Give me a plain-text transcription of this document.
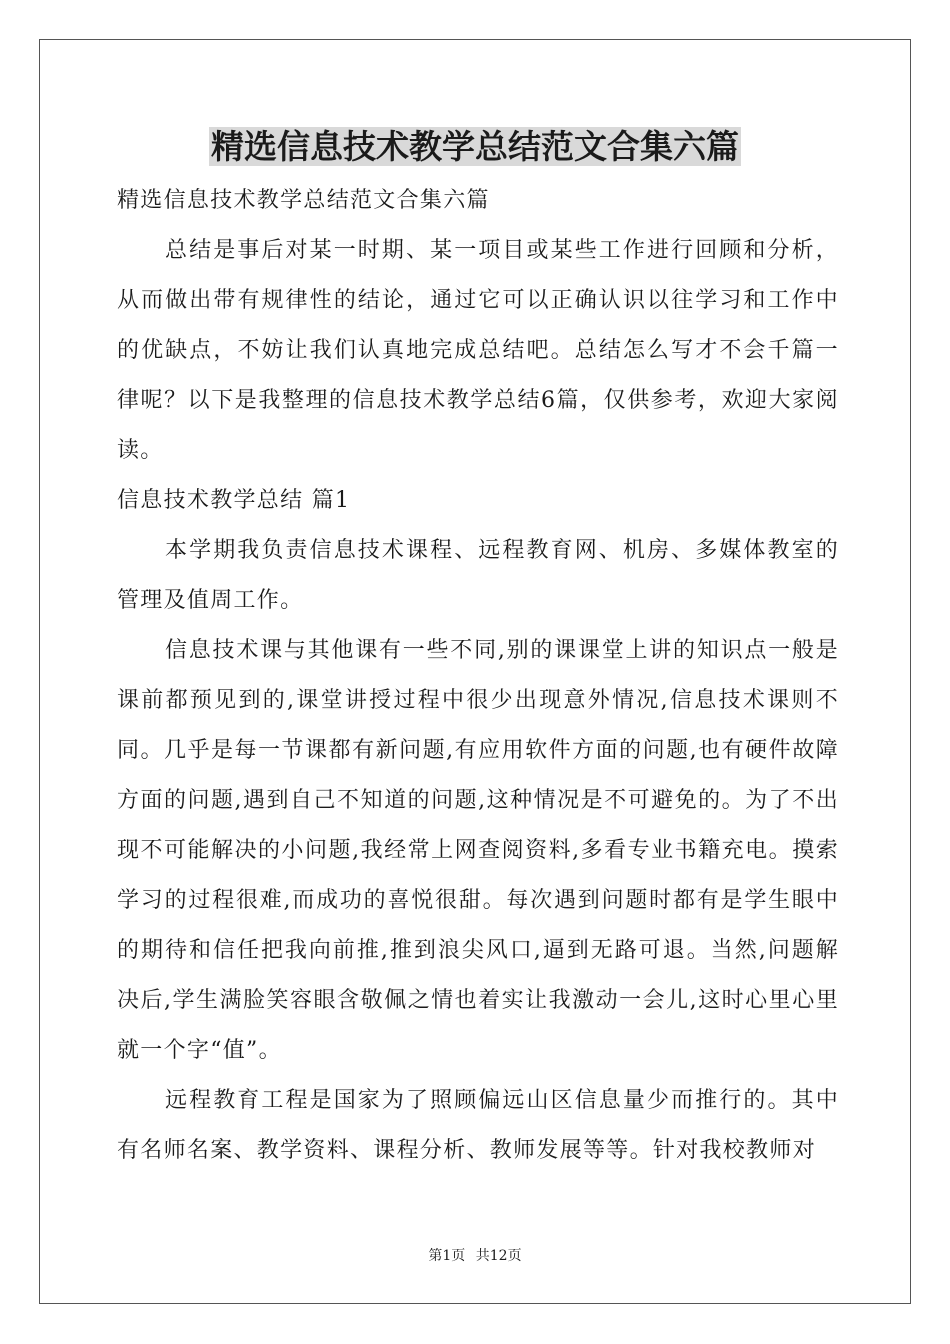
精选信息技术教学总结范文合集六篇

精选信息技术教学总结范文合集六篇

总结是事后对某一时期、某一项目或某些工作进行回顾和分析，从而做出带有规律性的结论，通过它可以正确认识以往学习和工作中的优缺点，不妨让我们认真地完成总结吧。总结怎么写才不会千篇一律呢？以下是我整理的信息技术教学总结6篇，仅供参考，欢迎大家阅读。

信息技术教学总结 篇1

本学期我负责信息技术课程、远程教育网、机房、多媒体教室的管理及值周工作。

信息技术课与其他课有一些不同,别的课课堂上讲的知识点一般是课前都预见到的,课堂讲授过程中很少出现意外情况,信息技术课则不同。几乎是每一节课都有新问题,有应用软件方面的问题,也有硬件故障方面的问题,遇到自己不知道的问题,这种情况是不可避免的。为了不出现不可能解决的小问题,我经常上网查阅资料,多看专业书籍充电。摸索学习的过程很难,而成功的喜悦很甜。每次遇到问题时都有是学生眼中的期待和信任把我向前推,推到浪尖风口,逼到无路可退。当然,问题解决后,学生满脸笑容眼含敬佩之情也着实让我激动一会儿,这时心里心里就一个字“值”。

远程教育工程是国家为了照顾偏远山区信息量少而推行的。其中有名师名案、教学资料、课程分析、教师发展等等。针对我校教师对

第1页 共12页
